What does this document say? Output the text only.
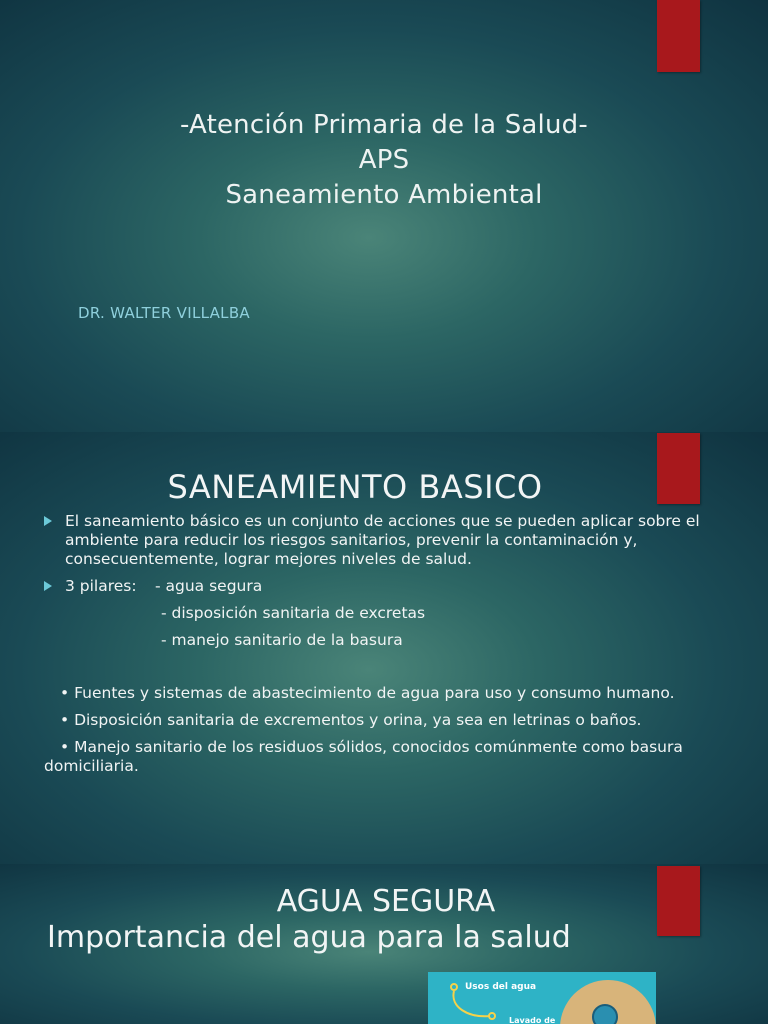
-Atención Primaria de la Salud-
APS
Saneamiento Ambiental
DR. WALTER VILLALBA
SANEAMIENTO BASICO
El saneamiento básico es un conjunto de acciones que se pueden aplicar sobre el ambiente para reducir los riesgos sanitarios, prevenir la contaminación y, consecuentemente, lograr mejores niveles de salud.
3 pilares: - agua segura
- disposición sanitaria de excretas
- manejo sanitario de la basura
• Fuentes y sistemas de abastecimiento de agua para uso y consumo humano.
• Disposición sanitaria de excrementos y orina, ya sea en letrinas o baños.
• Manejo sanitario de los residuos sólidos, conocidos comúnmente como basura domiciliaria.
AGUA SEGURA
Importancia del agua para la salud
Usos del agua
Lavado de
